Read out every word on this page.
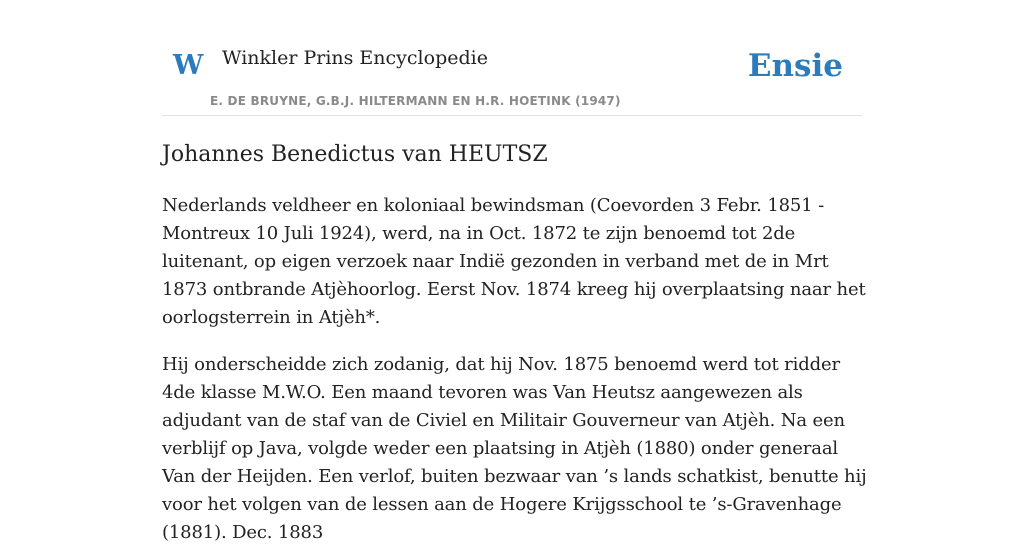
W Winkler Prins Encyclopedie
E. DE BRUYNE, G.B.J. HILTERMANN EN H.R. HOETINK (1947)
Ensie
Johannes Benedictus van HEUTSZ

Nederlands veldheer en koloniaal bewindsman (Coevorden 3 Febr. 1851 - Montreux 10 Juli 1924), werd, na in Oct. 1872 te zijn benoemd tot 2de luitenant, op eigen verzoek naar Indië gezonden in verband met de in Mrt 1873 ontbrande Atjèhoorlog. Eerst Nov. 1874 kreeg hij overplaatsing naar het oorlogsterrein in Atjèh*.

Hij onderscheidde zich zodanig, dat hij Nov. 1875 benoemd werd tot ridder 4de klasse M.W.O. Een maand tevoren was Van Heutsz aangewezen als adjudant van de staf van de Civiel en Militair Gouverneur van Atjèh. Na een verblijf op Java, volgde weder een plaatsing in Atjèh (1880) onder generaal Van der Heijden. Een verlof, buiten bezwaar van ’s lands schatkist, benutte hij voor het volgen van de lessen aan de Hogere Krijgsschool te ’s-Gravenhage (1881). Dec. 1883
